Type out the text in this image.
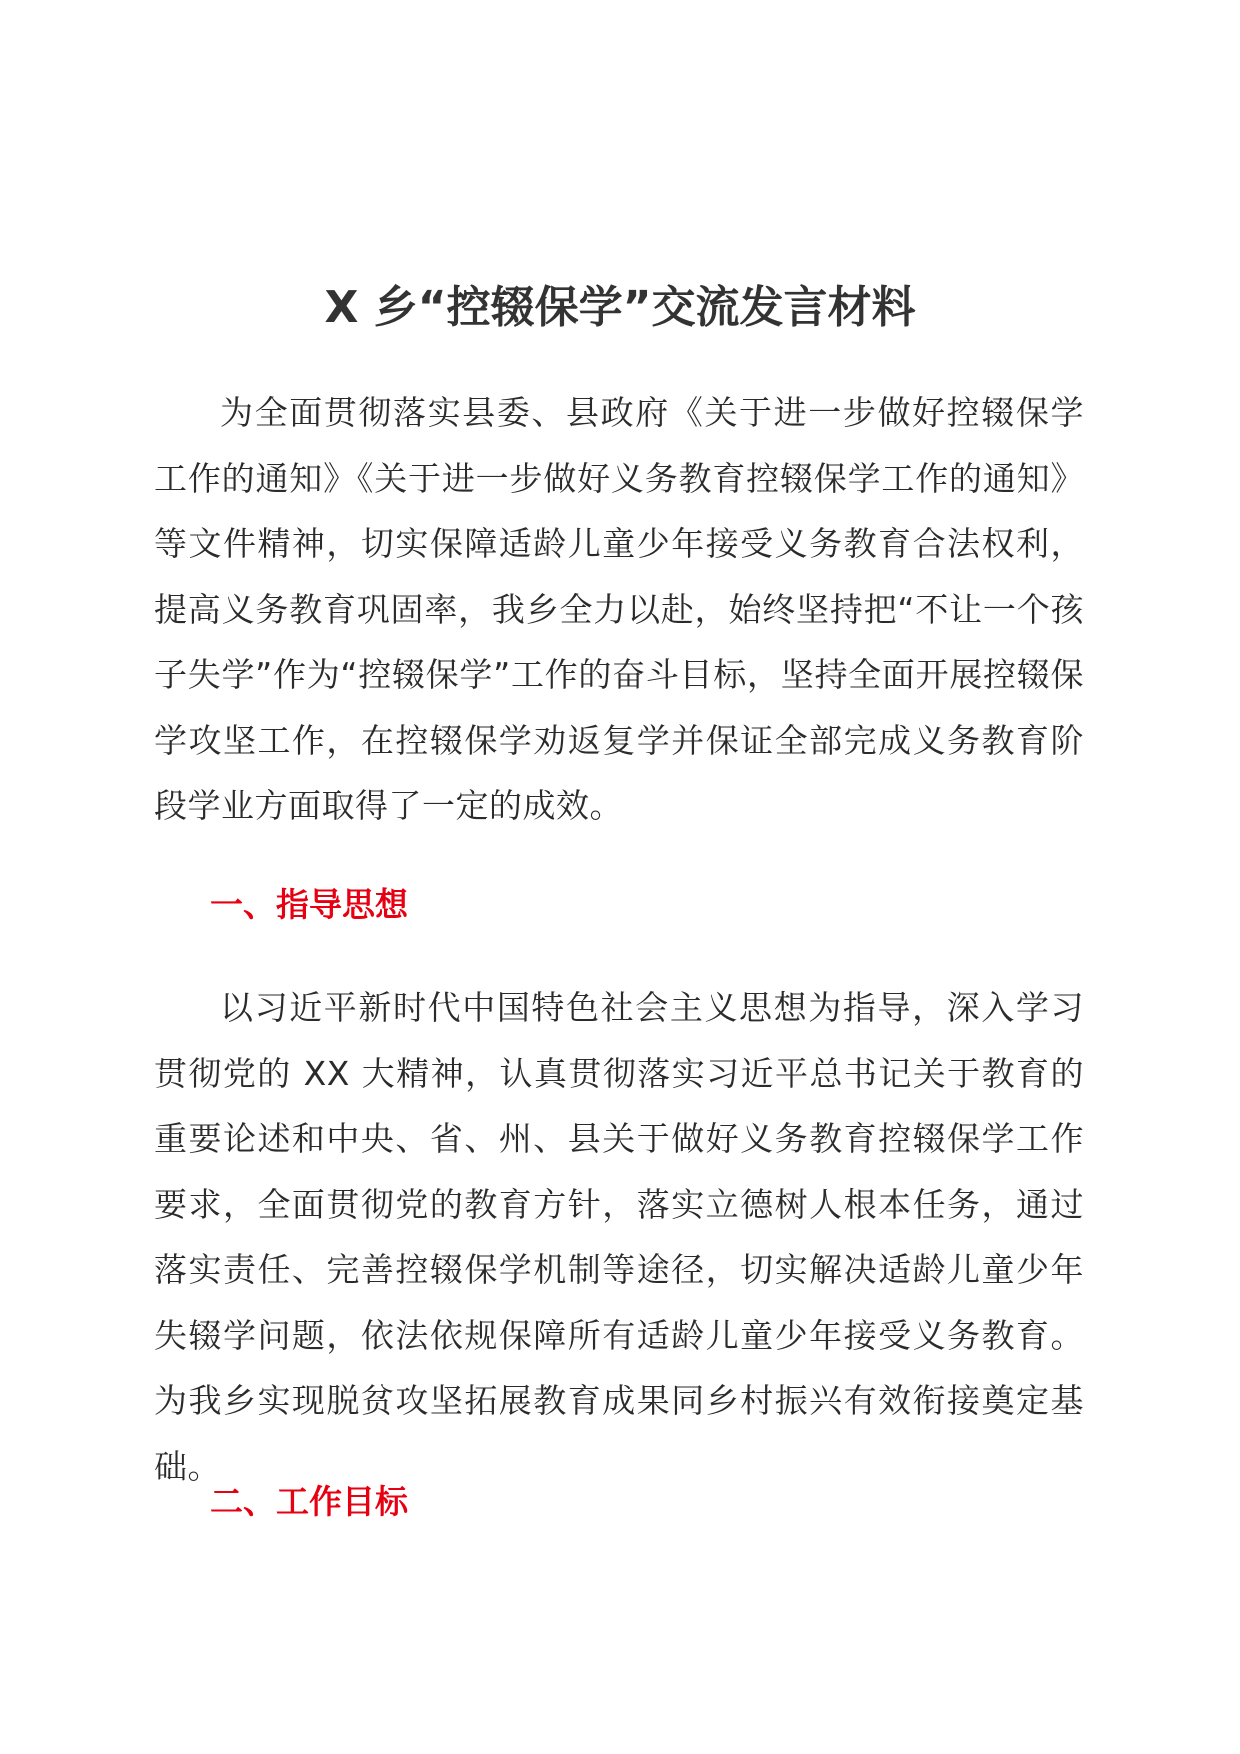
X 乡“控辍保学”交流发言材料

为全面贯彻落实县委、县政府《关于进一步做好控辍保学工作的通知》《关于进一步做好义务教育控辍保学工作的通知》等文件精神，切实保障适龄儿童少年接受义务教育合法权利，提高义务教育巩固率，我乡全力以赴，始终坚持把“不让一个孩子失学”作为“控辍保学”工作的奋斗目标，坚持全面开展控辍保学攻坚工作，在控辍保学劝返复学并保证全部完成义务教育阶段学业方面取得了一定的成效。

一、指导思想

以习近平新时代中国特色社会主义思想为指导，深入学习贯彻党的 XX 大精神，认真贯彻落实习近平总书记关于教育的重要论述和中央、省、州、县关于做好义务教育控辍保学工作要求，全面贯彻党的教育方针，落实立德树人根本任务，通过落实责任、完善控辍保学机制等途径，切实解决适龄儿童少年失辍学问题，依法依规保障所有适龄儿童少年接受义务教育。为我乡实现脱贫攻坚拓展教育成果同乡村振兴有效衔接奠定基础。

二、工作目标
